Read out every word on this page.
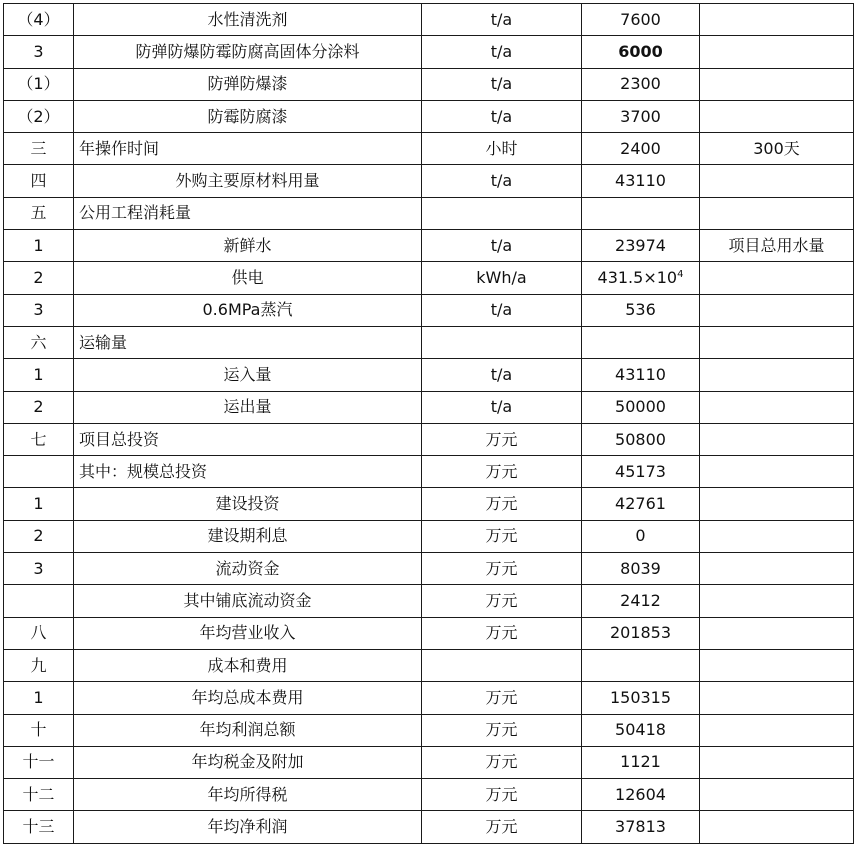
（4）	水性清洗剂	t/a	7600	
3	防弹防爆防霉防腐高固体分涂料	t/a	6000	
（1）	防弹防爆漆	t/a	2300	
（2）	防霉防腐漆	t/a	3700	
三	年操作时间	小时	2400	300天
四	外购主要原材料用量	t/a	43110	
五	公用工程消耗量			
1	新鲜水	t/a	23974	项目总用水量
2	供电	kWh/a	$431.5\times 10^4$	
3	0.6MPa蒸汽	t/a	536	
六	运输量			
1	运入量	t/a	43110	
2	运出量	t/a	50000	
七	项目总投资	万元	50800	
	其中：规模总投资	万元	45173	
1	建设投资	万元	42761	
2	建设期利息	万元	0	
3	流动资金	万元	8039	
	其中铺底流动资金	万元	2412	
八	年均营业收入	万元	201853	
九	成本和费用			
1	年均总成本费用	万元	150315	
十	年均利润总额	万元	50418	
十一	年均税金及附加	万元	1121	
十二	年均所得税	万元	12604	
十三	年均净利润	万元	37813	
